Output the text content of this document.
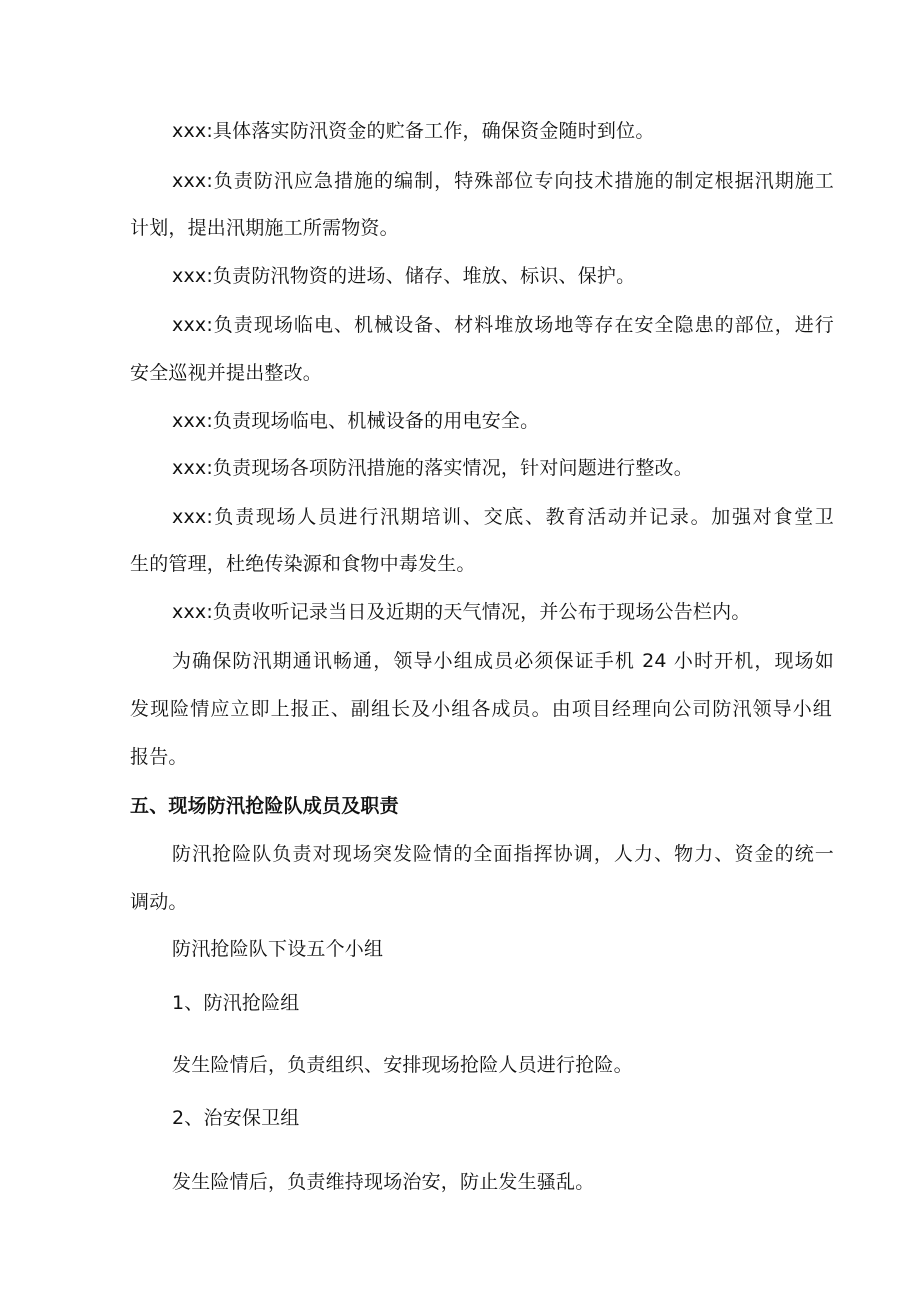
xxx:具体落实防汛资金的贮备工作，确保资金随时到位。
xxx:负责防汛应急措施的编制，特殊部位专向技术措施的制定根据汛期施工
计划，提出汛期施工所需物资。
xxx:负责防汛物资的进场、储存、堆放、标识、保护。
xxx:负责现场临电、机械设备、材料堆放场地等存在安全隐患的部位，进行
安全巡视并提出整改。
xxx:负责现场临电、机械设备的用电安全。
xxx:负责现场各项防汛措施的落实情况，针对问题进行整改。
xxx:负责现场人员进行汛期培训、交底、教育活动并记录。加强对食堂卫
生的管理，杜绝传染源和食物中毒发生。
xxx:负责收听记录当日及近期的天气情况，并公布于现场公告栏内。
为确保防汛期通讯畅通，领导小组成员必须保证手机 24 小时开机，现场如
发现险情应立即上报正、副组长及小组各成员。由项目经理向公司防汛领导小组
报告。
五、现场防汛抢险队成员及职责
防汛抢险队负责对现场突发险情的全面指挥协调，人力、物力、资金的统一
调动。
防汛抢险队下设五个小组
1、防汛抢险组
发生险情后，负责组织、安排现场抢险人员进行抢险。
2、治安保卫组
发生险情后，负责维持现场治安，防止发生骚乱。
